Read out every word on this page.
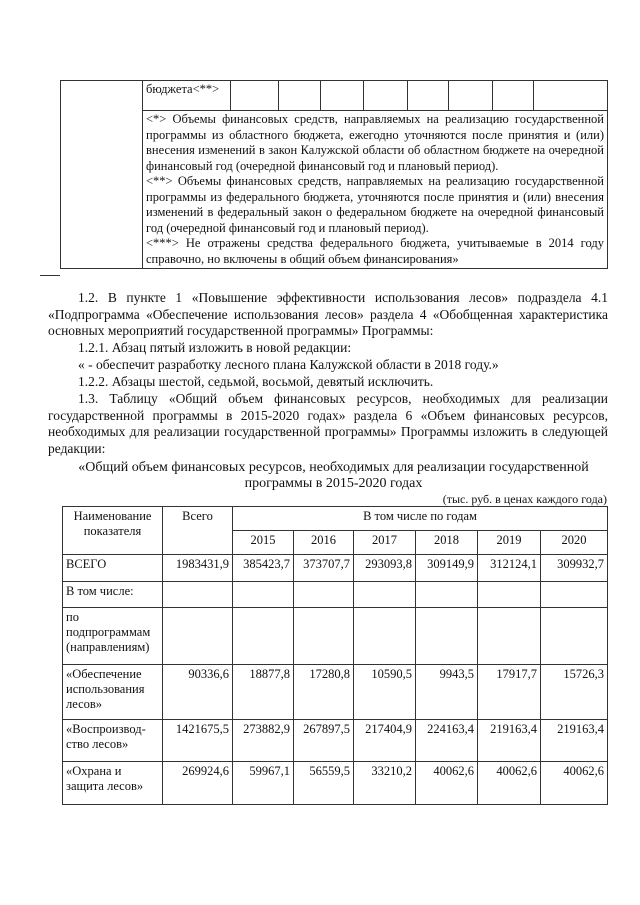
	бюджета<**>								

<*> Объемы финансовых средств, направляемых на реализацию государственной программы из областного бюджета, ежегодно уточняются после принятия и (или) внесения изменений в закон Калужской области об областном бюджете на очередной финансовый год (очередной финансовый год и плановый период).
<**> Объемы финансовых средств, направляемых на реализацию государственной программы из федерального бюджета, уточняются после принятия и (или) внесения изменений в федеральный закон о федеральном бюджете на очередной финансовый год (очередной финансовый год и плановый период).
<***> Не отражены средства федерального бюджета, учитываемые в 2014 году справочно, но включены в общий объем финансирования»
1.2. В пункте 1 «Повышение эффективности использования лесов» подраздела 4.1 «Подпрограмма «Обеспечение использования лесов» раздела 4 «Обобщенная характеристика основных мероприятий государственной программы» Программы:
1.2.1. Абзац пятый изложить в новой редакции:
« - обеспечит разработку лесного плана Калужской области в 2018 году.»
1.2.2. Абзацы шестой, седьмой, восьмой, девятый исключить.
1.3. Таблицу «Общий объем финансовых ресурсов, необходимых для реализации государственной программы в 2015-2020 годах» раздела 6 «Объем финансовых ресурсов, необходимых для реализации государственной программы» Программы изложить в следующей редакции:
«Общий объем финансовых ресурсов, необходимых для реализации государственной программы в 2015-2020 годах
(тыс. руб. в ценах каждого года)
Наименование показателя	Всего	В том числе по годам					
		2015	2016	2017	2018	2019	2020
ВСЕГО	1983431,9	385423,7	373707,7	293093,8	309149,9	312124,1	309932,7
В том числе:							
по подпрограммам (направлениям)							
«Обеспечение использования лесов»	90336,6	18877,8	17280,8	10590,5	9943,5	17917,7	15726,3
«Воспроизвод-ство лесов»	1421675,5	273882,9	267897,5	217404,9	224163,4	219163,4	219163,4
«Охрана и защита лесов»	269924,6	59967,1	56559,5	33210,2	40062,6	40062,6	40062,6
